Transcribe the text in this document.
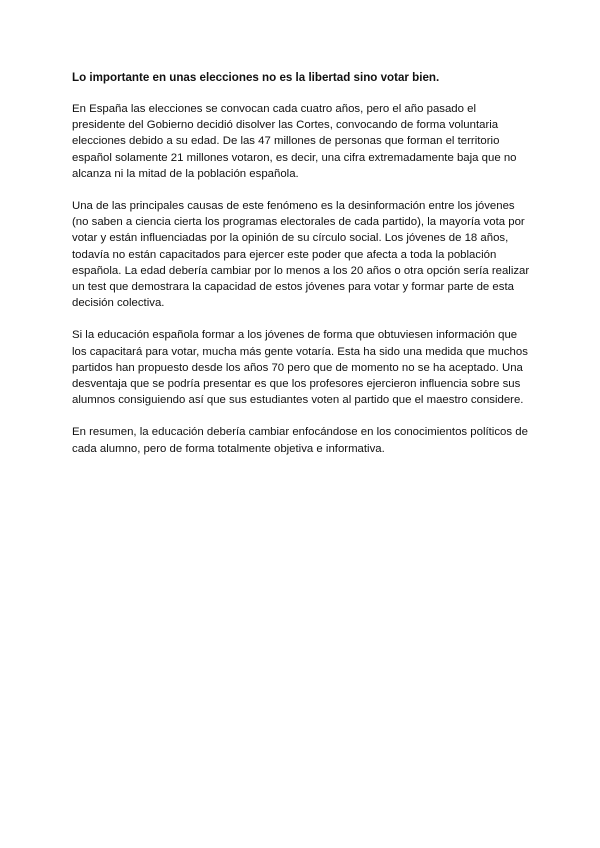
Lo importante en unas elecciones no es la libertad sino votar bien.

En España las elecciones se convocan cada cuatro años, pero el año pasado el presidente del Gobierno decidió disolver las Cortes, convocando de forma voluntaria elecciones debido a su edad. De las 47 millones de personas que forman el territorio español solamente 21 millones votaron, es decir, una cifra extremadamente baja que no alcanza ni la mitad de la población española.

Una de las principales causas de este fenómeno es la desinformación entre los jóvenes (no saben a ciencia cierta los programas electorales de cada partido), la mayoría vota por votar y están influenciadas por la opinión de su círculo social. Los jóvenes de 18 años, todavía no están capacitados para ejercer este poder que afecta a toda la población española. La edad debería cambiar por lo menos a los 20 años o otra opción sería realizar un test que demostrara la capacidad de estos jóvenes para votar y formar parte de esta decisión colectiva.

Si la educación española formar a los jóvenes de forma que obtuviesen información que los capacitará para votar, mucha más gente votaría. Esta ha sido una medida que muchos partidos han propuesto desde los años 70 pero que de momento no se ha aceptado. Una desventaja que se podría presentar es que los profesores ejercieron influencia sobre sus alumnos consiguiendo así que sus estudiantes voten al partido que el maestro considere.

En resumen, la educación debería cambiar enfocándose en los conocimientos políticos de cada alumno, pero de forma totalmente objetiva e informativa.
